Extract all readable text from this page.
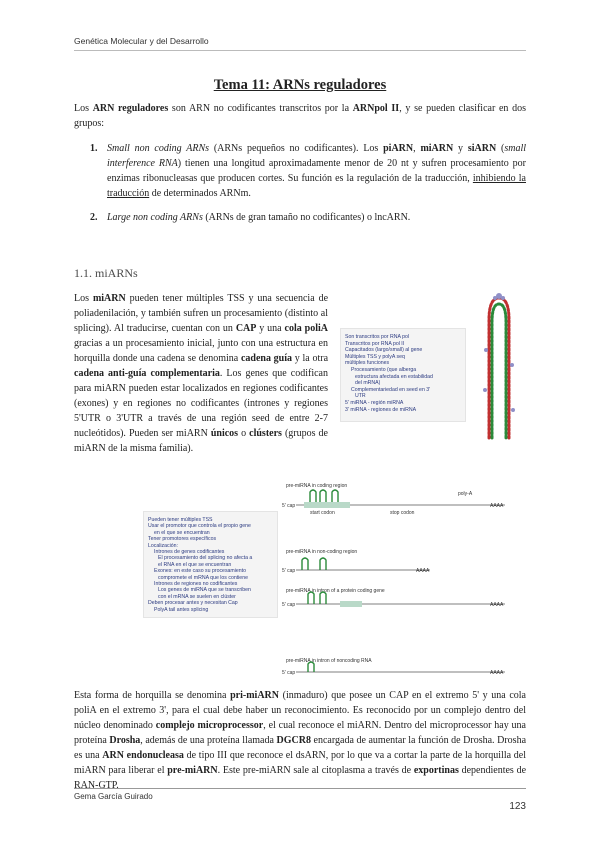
Genética Molecular y del Desarrollo
Tema 11: ARNs reguladores
Los ARN reguladores son ARN no codificantes transcritos por la ARNpol II, y se pueden clasificar en dos grupos:
1. Small non coding ARNs (ARNs pequeños no codificantes). Los piARN, miARN y siARN (small interference RNA) tienen una longitud aproximadamente menor de 20 nt y sufren procesamiento por enzimas ribonucleasas que producen cortes. Su función es la regulación de la traducción, inhibiendo la traducción de determinados ARNm.
2. Large non coding ARNs (ARNs de gran tamaño no codificantes) o lncARN.
1.1. miARNs
Los miARN pueden tener múltiples TSS y una secuencia de poliadenilación, y también sufren un procesamiento (distinto al splicing). Al traducirse, cuentan con un CAP y una cola poliA gracias a un procesamiento inicial, junto con una estructura en horquilla donde una cadena se denomina cadena guía y la otra cadena anti-guía complementaria. Los genes que codifican para miARN pueden estar localizados en regiones codificantes (exones) y en regiones no codificantes (intrones y regiones 5'UTR o 3'UTR a través de una región seed de entre 2-7 nucleótidos). Pueden ser miARN únicos o clústers (grupos de miARN de la misma familia).
Son transcritos por RNA pol
Transcritos por RNA pol II
Capacitados (largo/small) al gene
Múltiples TSS y polyA seq
múltiples funciones
Procesamiento (que alberga
estructura afectada en estabilidad
del mRNA)
Complementariedad en seed en 3'
UTR
5' miRNA - región miRNA
3' miRNA - regiones de miRNA
Pueden tener múltiples TSS
Usar el promotor que controla el propio gene
en el que se encuentran
Tener promotores específicos
Localización:
Intrones de genes codificantes
El procesamiento del splicing no afecta a
el RNA en el que se encuentran
Exones: en este caso su procesamiento
compromete el mRNA que los contiene
Intrones de regiones no codificantes
Los genes de miRNA que se transcriben
con el mRNA se suelen en clúster
Deben procesar antes y necesitan Cap
PolyA tail antes splicing
pre-miRNA in coding region
5' cap
start codon	stop codon
poly-A
AAAA
pre-miRNA in non-coding region
5' cap	AAAA
pre-miRNA in intron of a protein coding gene
5' cap	AAAA
pre-miRNA in intron of noncoding RNA
5' cap	AAAA
Esta forma de horquilla se denomina pri-miARN (inmaduro) que posee un CAP en el extremo 5' y una cola poliA en el extremo 3', para el cual debe haber un reconocimiento. Es reconocido por un complejo dentro del núcleo denominado complejo microprocessor, el cual reconoce el miARN. Dentro del microprocessor hay una proteína Drosha, además de una proteína llamada DGCR8 encargada de aumentar la función de Drosha. Drosha es una ARN endonucleasa de tipo III que reconoce el dsARN, por lo que va a cortar la parte de la horquilla del miARN para liberar el pre-miARN. Este pre-miARN sale al citoplasma a través de exportinas dependientes de RAN-GTP.
Gema García Guirado
123
